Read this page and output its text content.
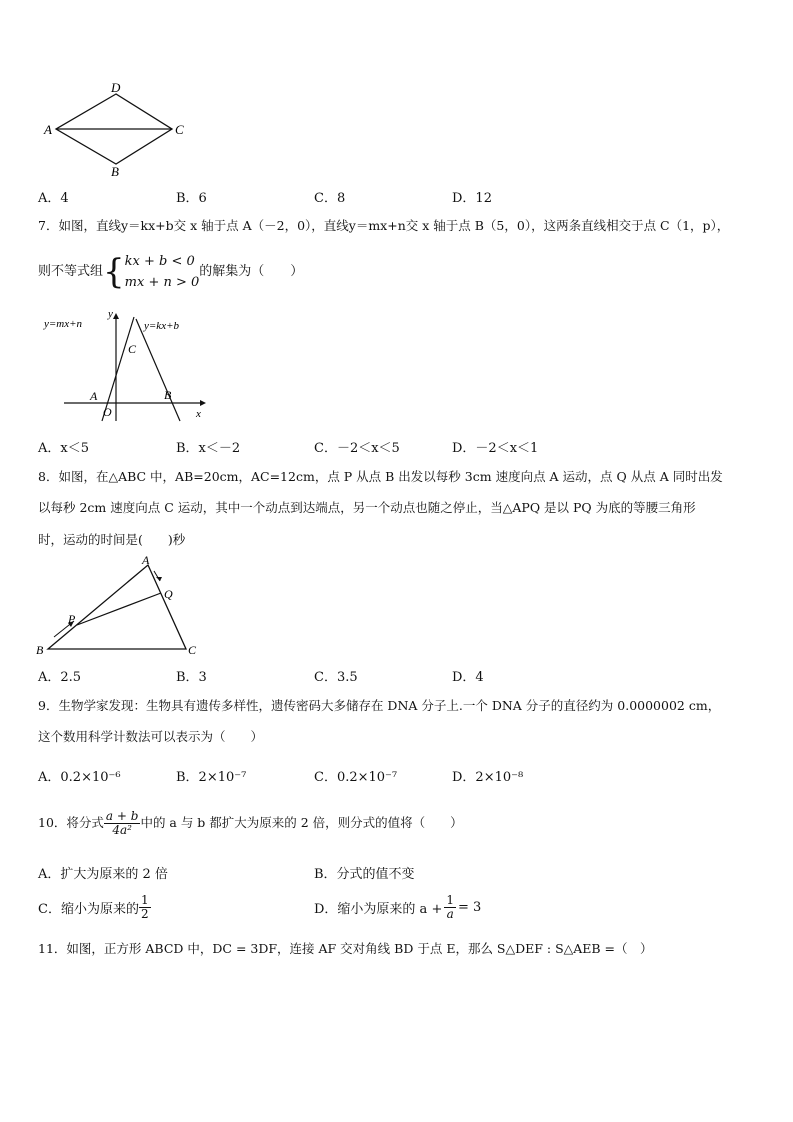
D
A	C
B
A．4	B．6	C．8	D．12
7．如图，直线y＝kx+b交 x 轴于点 A（－2，0），直线y＝mx+n交 x 轴于点 B（5，0），这两条直线相交于点 C（1，p），
则不等式组 { kx + b < 0
mx + n > 0
的解集为（　　）
y=mx+n	y=kx+b
y
x
C
A
O
B
A．x＜5	B．x＜－2	C．－2＜x＜5	D．－2＜x＜1
8．如图，在△ABC 中，AB=20cm，AC=12cm，点 P 从点 B 出发以每秒 3cm 速度向点 A 运动，点 Q 从点 A 同时出发
以每秒 2cm 速度向点 C 运动，其中一个动点到达端点，另一个动点也随之停止，当△APQ 是以 PQ 为底的等腰三角形
时，运动的时间是(　　)秒
A
Q
P
B	C
A．2.5	B．3	C．3.5	D．4
9．生物学家发现：生物具有遗传多样性，遗传密码大多储存在 DNA 分子上.一个 DNA 分子的直径约为 0.0000002 cm，
这个数用科学计数法可以表示为（　　）
A．0.2×10⁻⁶	B．2×10⁻⁷	C．0.2×10⁻⁷	D．2×10⁻⁸
10．将分式 $\frac{a + b}{\text{4a²}}$ 中的 a 与 b 都扩大为原来的 2 倍，则分式的值将（　　）
A．扩大为原来的 2 倍	B．分式的值不变
C．缩小为原来的 $\frac{1}{2}$	D．缩小为原来的 $a + \frac{1}{a} = 3$
11．如图，正方形 ABCD 中，DC = 3DF，连接 AF 交对角线 BD 于点 E，那么 S△DEF : S△AEB =（　）
